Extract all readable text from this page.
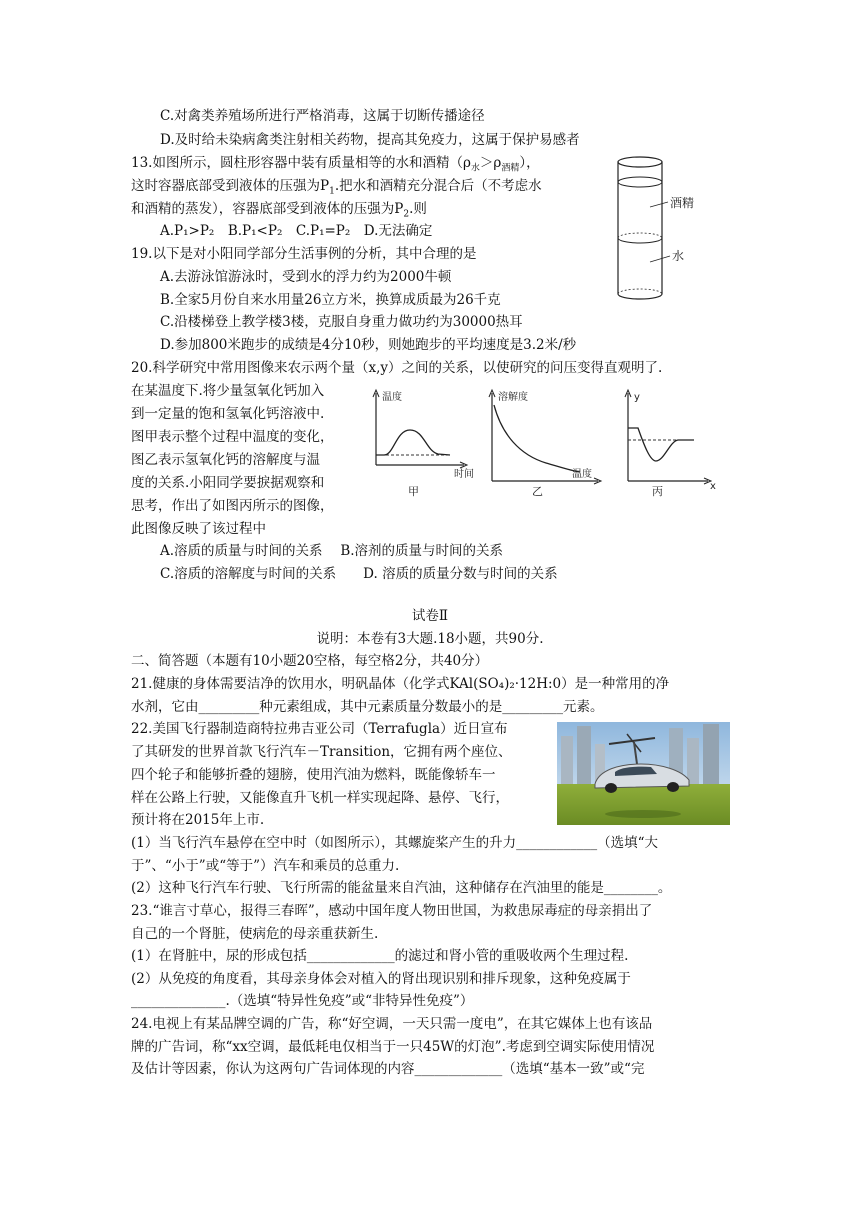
C.对禽类养殖场所进行严格消毒，这属于切断传播途径
D.及时给未染病禽类注射相关药物，提高其免疫力，这属于保护易感者
13.如图所示，圆柱形容器中装有质量相等的水和酒精$(\rho_水>\rho_{酒精})$，
这时容器底部受到液体的压强为$P_1$.把水和酒精充分混合后（不考虑水
和酒精的蒸发），容器底部受到液体的压强为$P_2$.则
A.P₁>P₂　B.P₁<P₂　C.P₁=P₂　D.无法确定
酒精
水
19.以下是对小阳同学部分生活事例的分析，其中合理的是
A.去游泳馆游泳时，受到水的浮力约为2000牛顿
B.全家5月份自来水用量26立方米，换算成质最为26千克
C.沿楼梯登上教学楼3楼，克服自身重力做功约为30000热耳
D.参加800米跑步的成绩是4分10秒，则她跑步的平均速度是3.2米/秒
20.科学研究中常用图像来农示两个量（x,y）之间的关系，以使研究的问压变得直观明了.
在某温度下.将少量氢氧化钙加入
到一定量的饱和氢氧化钙溶液中.
图甲表示整个过程中温度的变化，
图乙表示氢氧化钙的溶解度与温
度的关系.小阳同学要捩据观察和
思考，作出了如图丙所示的图像，
此图像反映了该过程中
温度
时间
甲
溶解度
温度
乙
y
x
丙
A.溶质的质量与时间的关系　 B.溶剂的质量与时间的关系
C.溶质的溶解度与时间的关系　　D. 溶质的质量分数与时间的关系
试卷Ⅱ
说明：本卷有3大题.18小题，共90分.
二、简答题（本题有10小题20空格，每空格2分，共40分）
21.健康的身体需要洁净的饮用水，明矾晶体（化学式KAl(SO₄)₂·12H:0）是一种常用的净
水剂，它由_________种元素组成，其中元素质量分数最小的是_________元素。
22.美国飞行器制造商特拉弗吉亚公司（Terrafugla）近日宣布
了其研发的世界首款飞行汽车－Transition，它拥有两个座位、
四个轮子和能够折叠的翅膀，使用汽油为燃料，既能像轿车一
样在公路上行驶，又能像直升飞机一样实现起降、悬停、飞行，
预计将在2015年上市.
(1）当飞行汽车悬停在空中时（如图所示），其螺旋桨产生的升力____________（选填“大
于”、“小于”或“等于”）汽车和乘员的总重力.
(2）这种飞行汽车行驶、飞行所需的能盆量来自汽油，这种储存在汽油里的能是________。
23.“谁言寸草心，报得三春晖”，感动中国年度人物田世国，为救患尿毒症的母亲捐出了
自己的一个肾脏，使病危的母亲重获新生.
(1）在肾脏中，尿的形成包括_____________的滤过和肾小管的重吸收两个生理过程.
(2）从免疫的角度看，其母亲身体会对植入的肾出现识别和排斥现象，这种免疫属于
______________.（选填“特异性免疫”或“非特异性免疫”）
24.电视上有某品牌空调的广告，称“好空调，一天只需一度电”，在其它媒体上也有该品
牌的广告词，称“xx空调，最低耗电仅相当于一只45W的灯泡”.考虑到空调实际使用情况
及估计等因素，你认为这两句广告词体现的内容_____________（选填“基本一致”或“完
